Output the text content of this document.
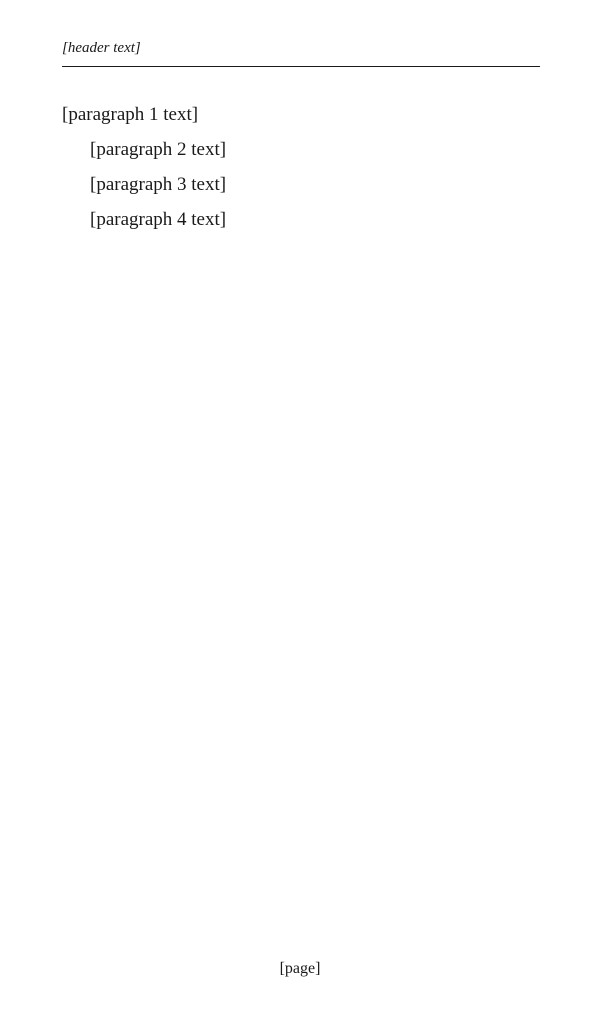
[header text]

[paragraph 1 text]

[paragraph 2 text]

[paragraph 3 text]

[paragraph 4 text]

[page]
